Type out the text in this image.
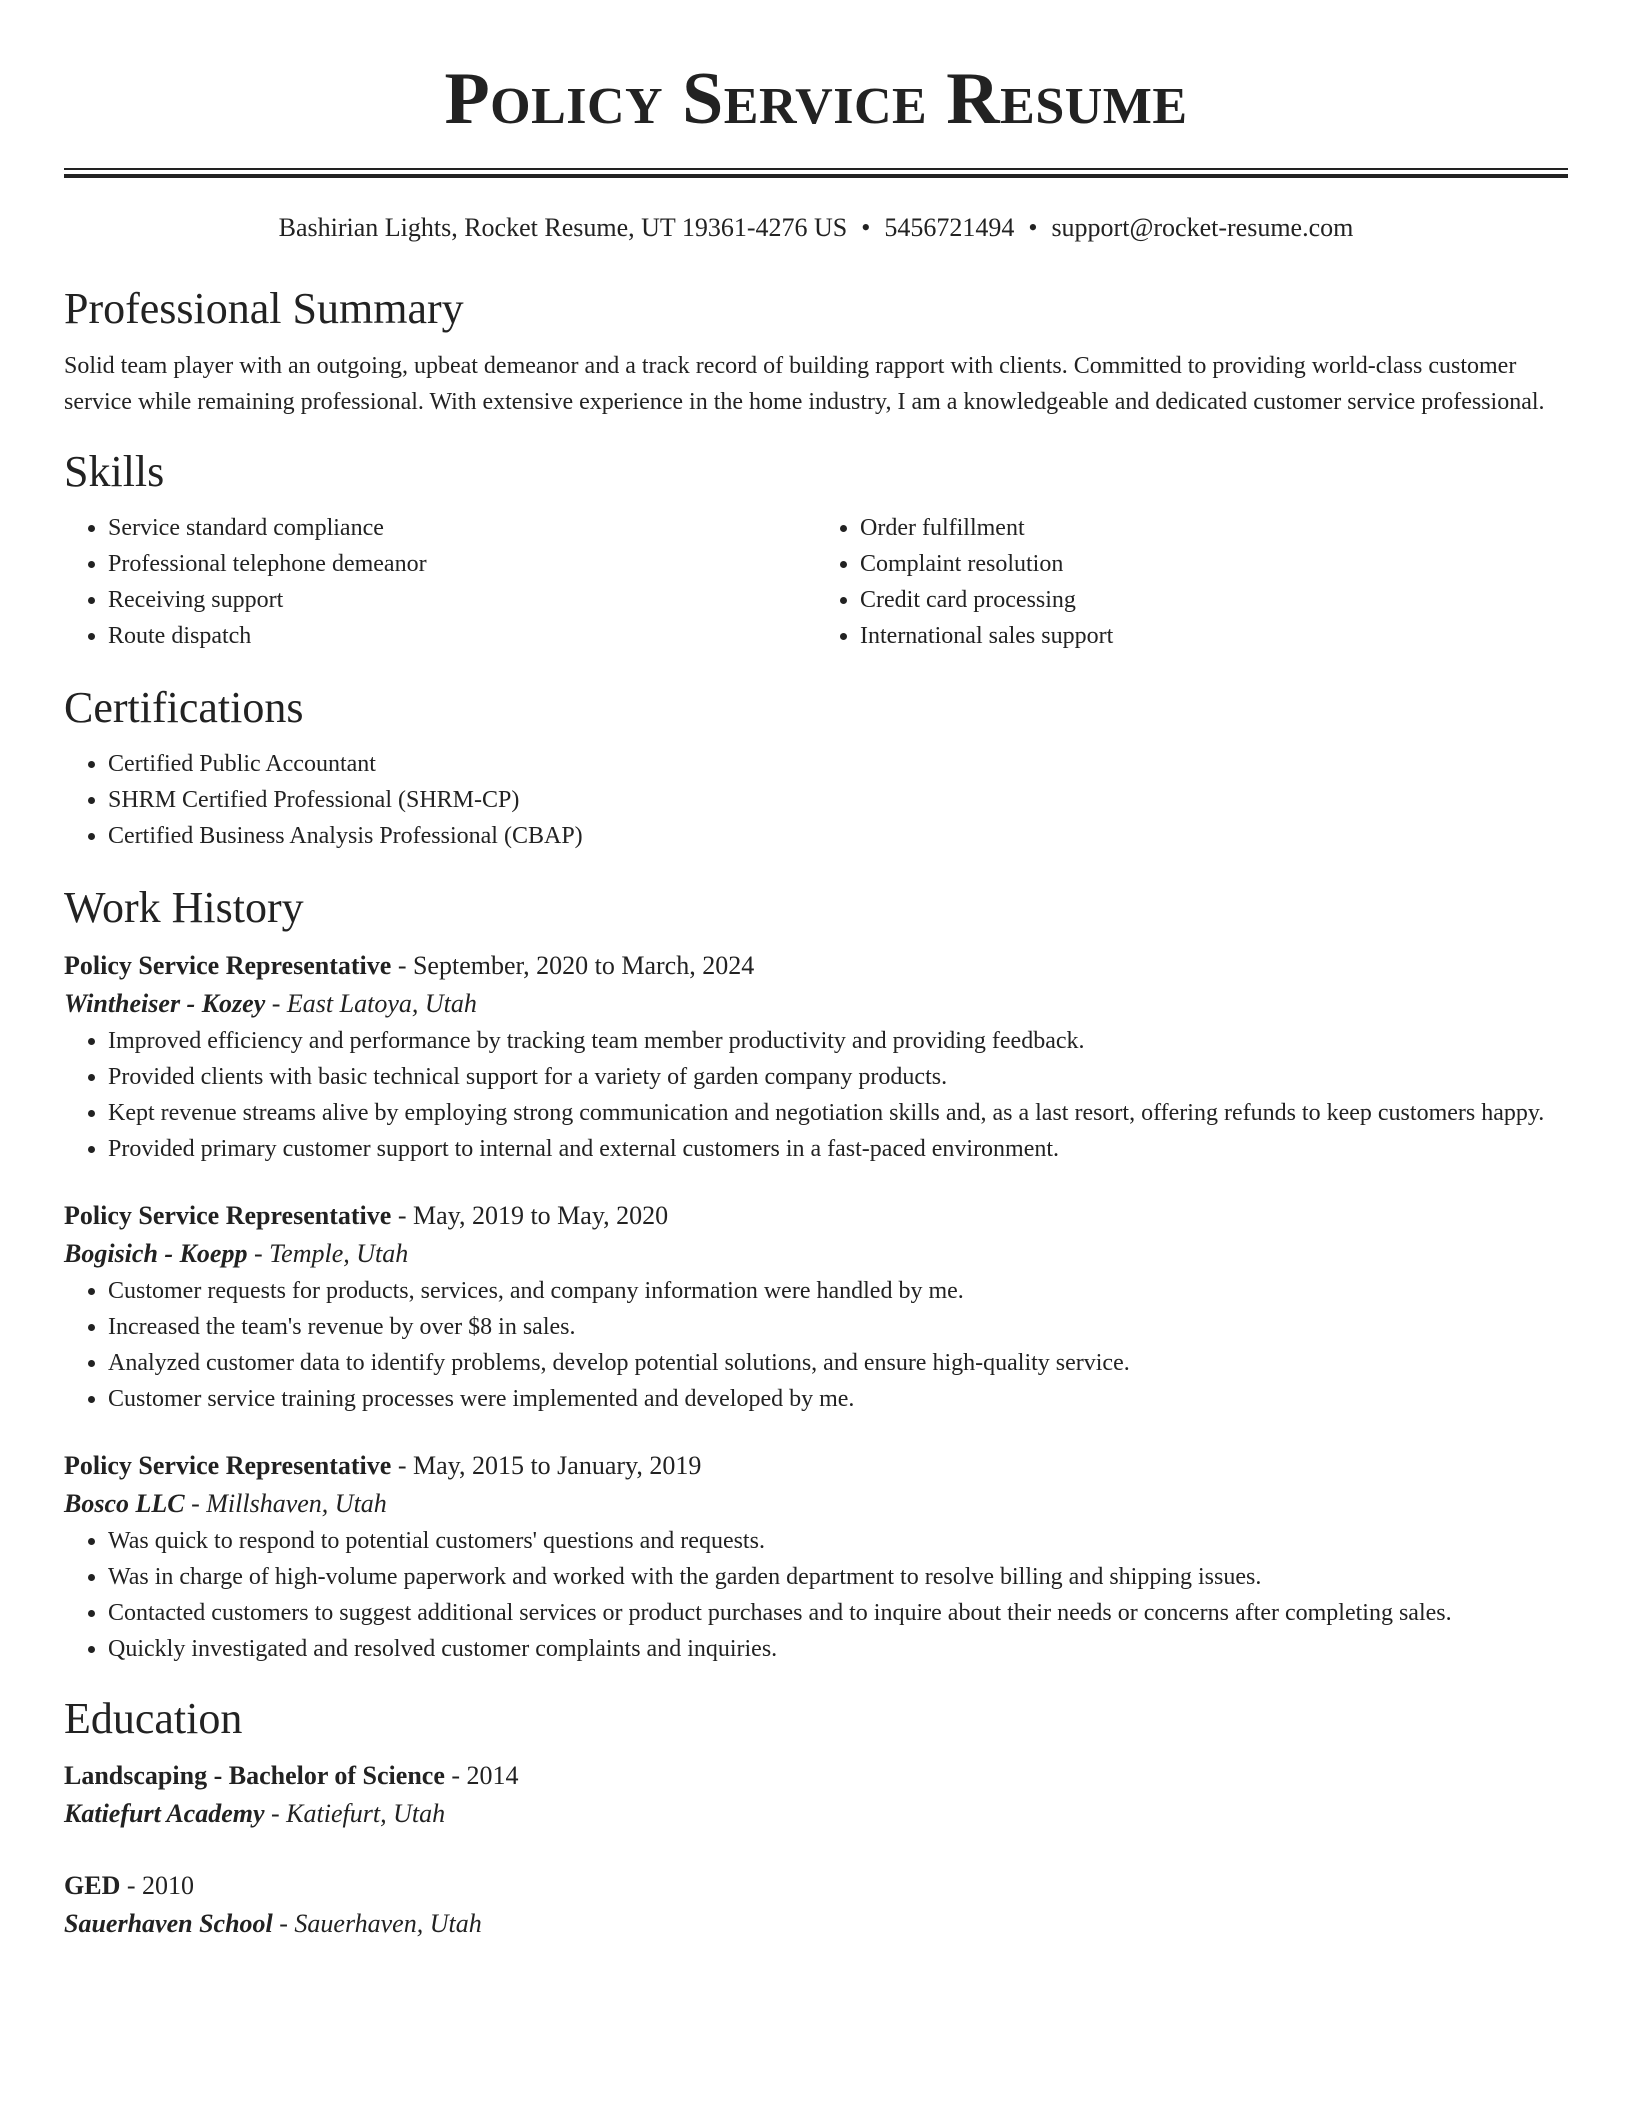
Policy Service Resume
Bashirian Lights, Rocket Resume, UT 19361-4276 US • 5456721494 • support@rocket-resume.com
Professional Summary

Solid team player with an outgoing, upbeat demeanor and a track record of building rapport with clients. Committed to providing world-class customer service while remaining professional. With extensive experience in the home industry, I am a knowledgeable and dedicated customer service professional.

Skills
• Service standard compliance
• Professional telephone demeanor
• Receiving support
• Route dispatch
• Order fulfillment
• Complaint resolution
• Credit card processing
• International sales support
Certifications
• Certified Public Accountant
• SHRM Certified Professional (SHRM-CP)
• Certified Business Analysis Professional (CBAP)
Work History
Policy Service Representative - September, 2020 to March, 2024
Wintheiser - Kozey - East Latoya, Utah
• Improved efficiency and performance by tracking team member productivity and providing feedback.
• Provided clients with basic technical support for a variety of garden company products.
• Kept revenue streams alive by employing strong communication and negotiation skills and, as a last resort, offering refunds to keep customers happy.
• Provided primary customer support to internal and external customers in a fast-paced environment.
Policy Service Representative - May, 2019 to May, 2020
Bogisich - Koepp - Temple, Utah
• Customer requests for products, services, and company information were handled by me.
• Increased the team's revenue by over $8 in sales.
• Analyzed customer data to identify problems, develop potential solutions, and ensure high-quality service.
• Customer service training processes were implemented and developed by me.
Policy Service Representative - May, 2015 to January, 2019
Bosco LLC - Millshaven, Utah
• Was quick to respond to potential customers' questions and requests.
• Was in charge of high-volume paperwork and worked with the garden department to resolve billing and shipping issues.
• Contacted customers to suggest additional services or product purchases and to inquire about their needs or concerns after completing sales.
• Quickly investigated and resolved customer complaints and inquiries.
Education
Landscaping - Bachelor of Science - 2014
Katiefurt Academy - Katiefurt, Utah
GED - 2010
Sauerhaven School - Sauerhaven, Utah
